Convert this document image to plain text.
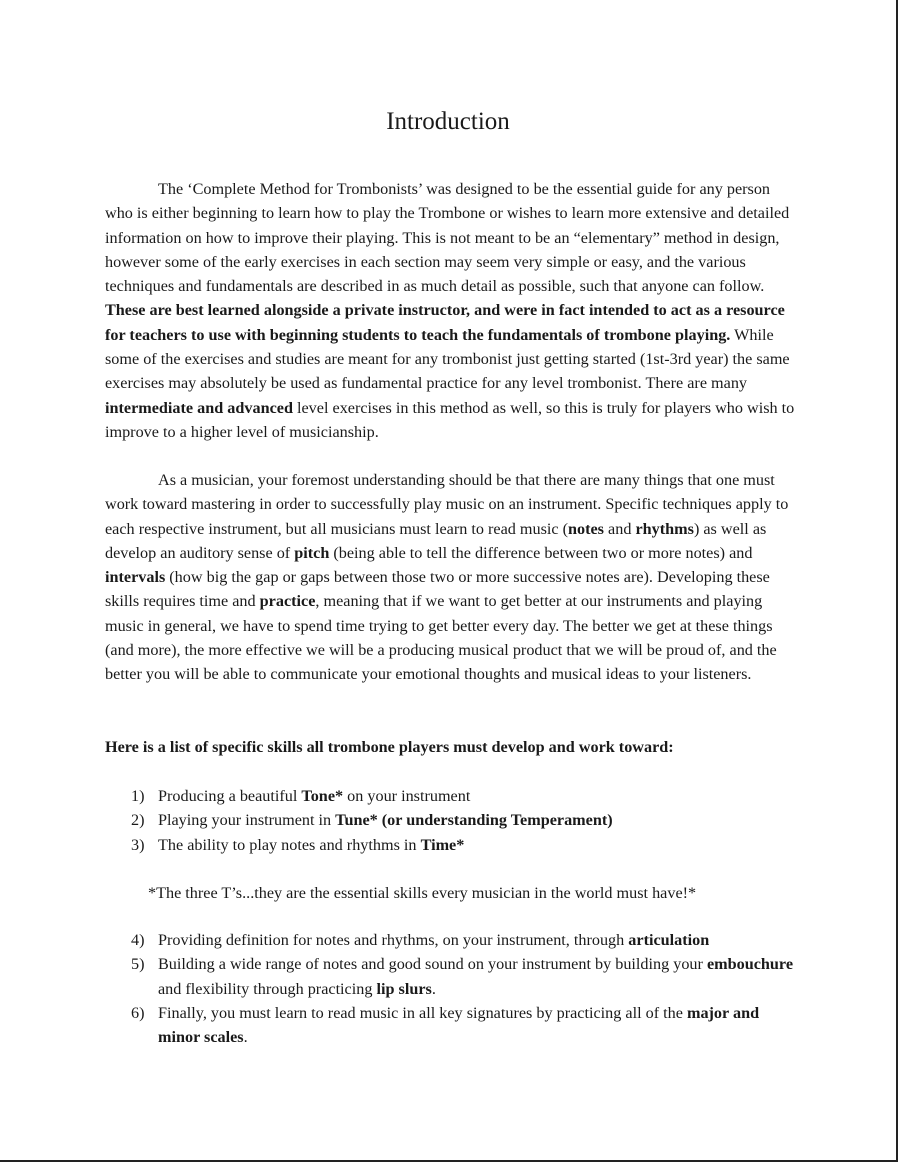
Introduction

The ‘Complete Method for Trombonists’ was designed to be the essential guide for any person who is either beginning to learn how to play the Trombone or wishes to learn more extensive and detailed information on how to improve their playing. This is not meant to be an “elementary” method in design, however some of the early exercises in each section may seem very simple or easy, and the various techniques and fundamentals are described in as much detail as possible, such that anyone can follow. These are best learned alongside a private instructor, and were in fact intended to act as a resource for teachers to use with beginning students to teach the fundamentals of trombone playing. While some of the exercises and studies are meant for any trombonist just getting started (1st-3rd year) the same exercises may absolutely be used as fundamental practice for any level trombonist. There are many intermediate and advanced level exercises in this method as well, so this is truly for players who wish to improve to a higher level of musicianship.

As a musician, your foremost understanding should be that there are many things that one must work toward mastering in order to successfully play music on an instrument. Specific techniques apply to each respective instrument, but all musicians must learn to read music (notes and rhythms) as well as develop an auditory sense of pitch (being able to tell the difference between two or more notes) and intervals (how big the gap or gaps between those two or more successive notes are). Developing these skills requires time and practice, meaning that if we want to get better at our instruments and playing music in general, we have to spend time trying to get better every day. The better we get at these things (and more), the more effective we will be a producing musical product that we will be proud of, and the better you will be able to communicate your emotional thoughts and musical ideas to your listeners.

Here is a list of specific skills all trombone players must develop and work toward:
1) Producing a beautiful Tone* on your instrument
2) Playing your instrument in Tune* (or understanding Temperament)
3) The ability to play notes and rhythms in Time*
*The three T’s...they are the essential skills every musician in the world must have!*
4) Providing definition for notes and rhythms, on your instrument, through articulation
5) Building a wide range of notes and good sound on your instrument by building your embouchure and flexibility through practicing lip slurs.
6) Finally, you must learn to read music in all key signatures by practicing all of the major and minor scales.
